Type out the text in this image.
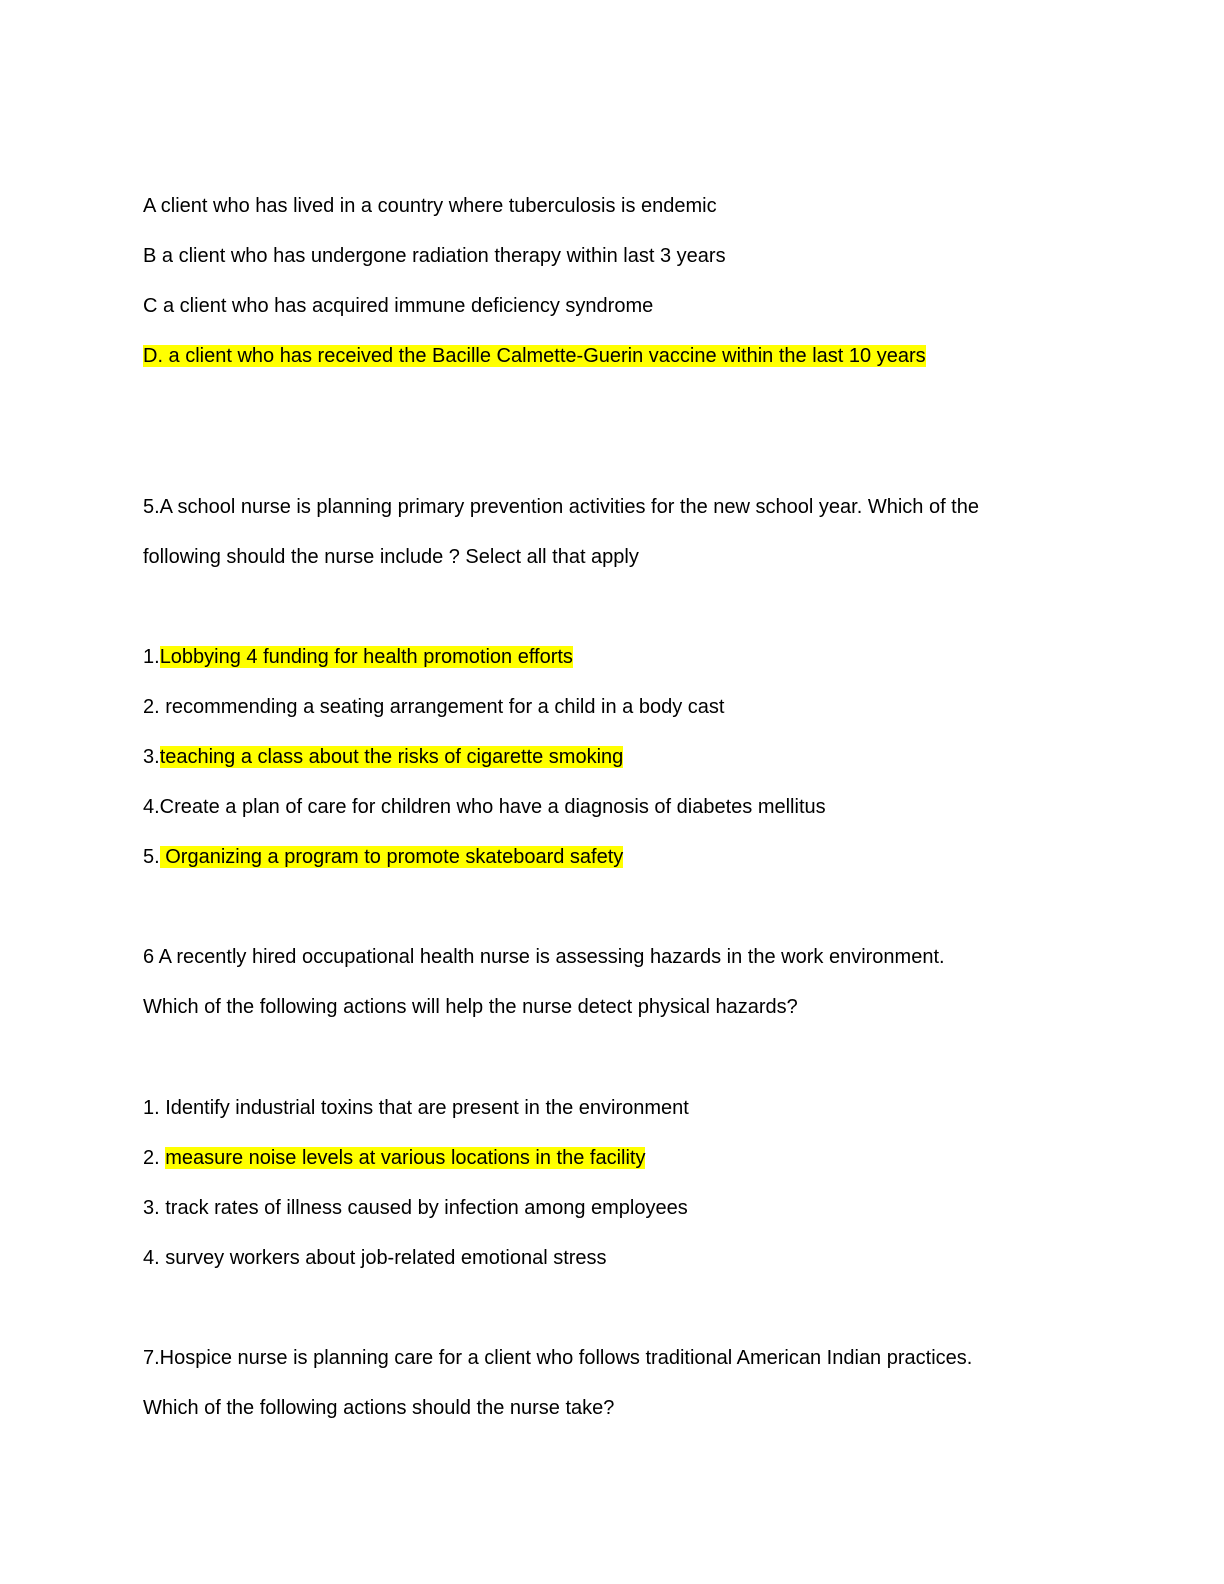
A client who has lived in a country where tuberculosis is endemic
B a client who has undergone radiation therapy within last 3 years
C a client who has acquired immune deficiency syndrome
D. a client who has received the Bacille Calmette-Guerin vaccine within the last 10 years
5.A school nurse is planning primary prevention activities for the new school year. Which of the
following should the nurse include ? Select all that apply
1.Lobbying 4 funding for health promotion efforts
2. recommending a seating arrangement for a child in a body cast
3.teaching a class about the risks of cigarette smoking
4.Create a plan of care for children who have a diagnosis of diabetes mellitus
5. Organizing a program to promote skateboard safety
6 A recently hired occupational health nurse is assessing hazards in the work environment.
Which of the following actions will help the nurse detect physical hazards?
1. Identify industrial toxins that are present in the environment
2. measure noise levels at various locations in the facility
3. track rates of illness caused by infection among employees
4. survey workers about job-related emotional stress
7.Hospice nurse is planning care for a client who follows traditional American Indian practices.
Which of the following actions should the nurse take?
